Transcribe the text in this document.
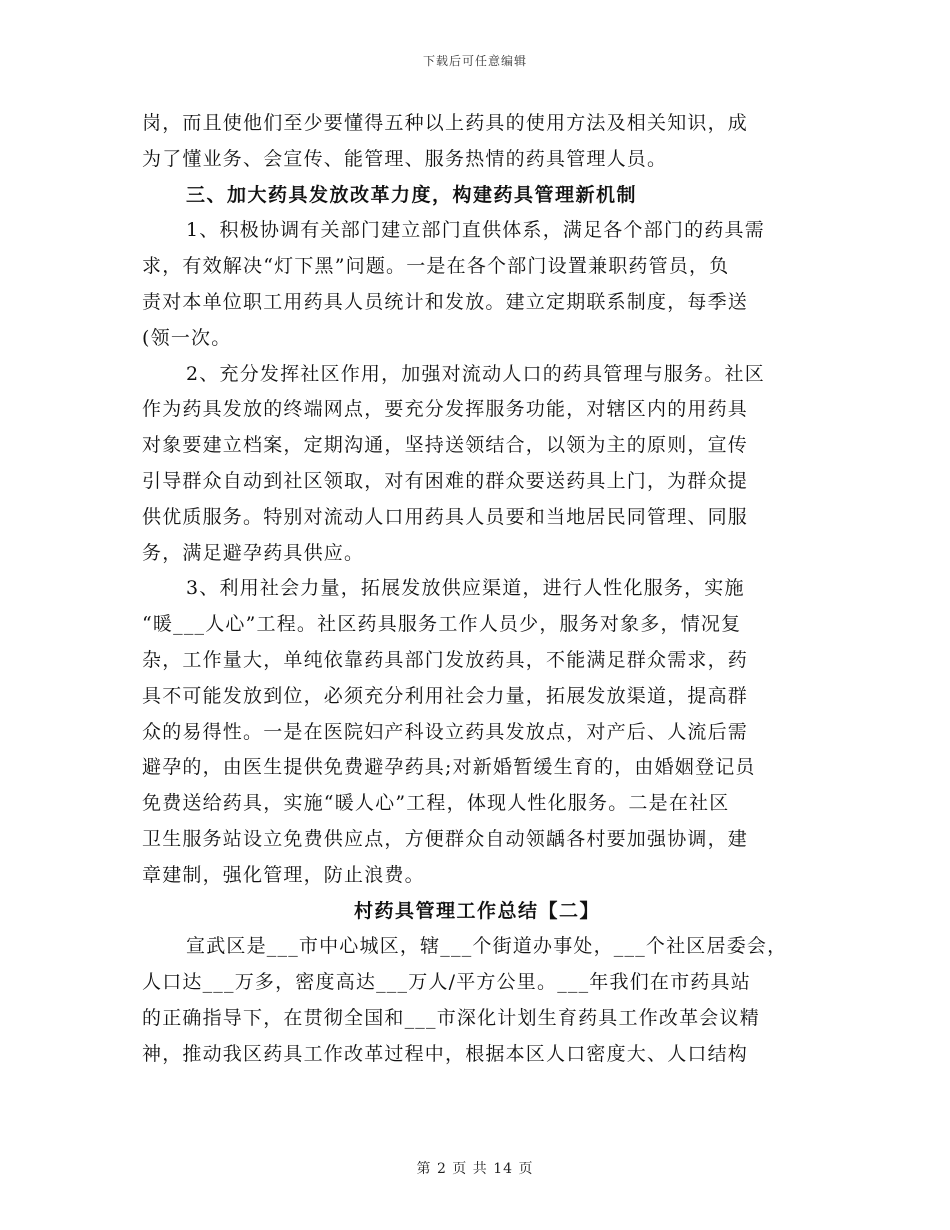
下载后可任意编辑
岗，而且使他们至少要懂得五种以上药具的使用方法及相关知识，成
为了懂业务、会宣传、能管理、服务热情的药具管理人员。
三、加大药具发放改革力度，构建药具管理新机制
1、积极协调有关部门建立部门直供体系，满足各个部门的药具需
求，有效解决“灯下黑”问题。一是在各个部门设置兼职药管员，负
责对本单位职工用药具人员统计和发放。建立定期联系制度，每季送
(领一次。
2、充分发挥社区作用，加强对流动人口的药具管理与服务。社区
作为药具发放的终端网点，要充分发挥服务功能，对辖区内的用药具
对象要建立档案，定期沟通，坚持送领结合，以领为主的原则，宣传
引导群众自动到社区领取，对有困难的群众要送药具上门，为群众提
供优质服务。特别对流动人口用药具人员要和当地居民同管理、同服
务，满足避孕药具供应。
3、利用社会力量，拓展发放供应渠道，进行人性化服务，实施
“暖___人心”工程。社区药具服务工作人员少，服务对象多，情况复
杂，工作量大，单纯依靠药具部门发放药具，不能满足群众需求，药
具不可能发放到位，必须充分利用社会力量，拓展发放渠道，提高群
众的易得性。一是在医院妇产科设立药具发放点，对产后、人流后需
避孕的，由医生提供免费避孕药具;对新婚暂缓生育的，由婚姻登记员
免费送给药具，实施“暖人心”工程，体现人性化服务。二是在社区
卫生服务站设立免费供应点，方便群众自动领龋各村要加强协调，建
章建制，强化管理，防止浪费。
村药具管理工作总结【二】
宣武区是___市中心城区，辖___个街道办事处，___个社区居委会，
人口达___万多，密度高达___万人/平方公里。___年我们在市药具站
的正确指导下，在贯彻全国和___市深化计划生育药具工作改革会议精
神，推动我区药具工作改革过程中，根据本区人口密度大、人口结构
第 2 页 共 14 页
